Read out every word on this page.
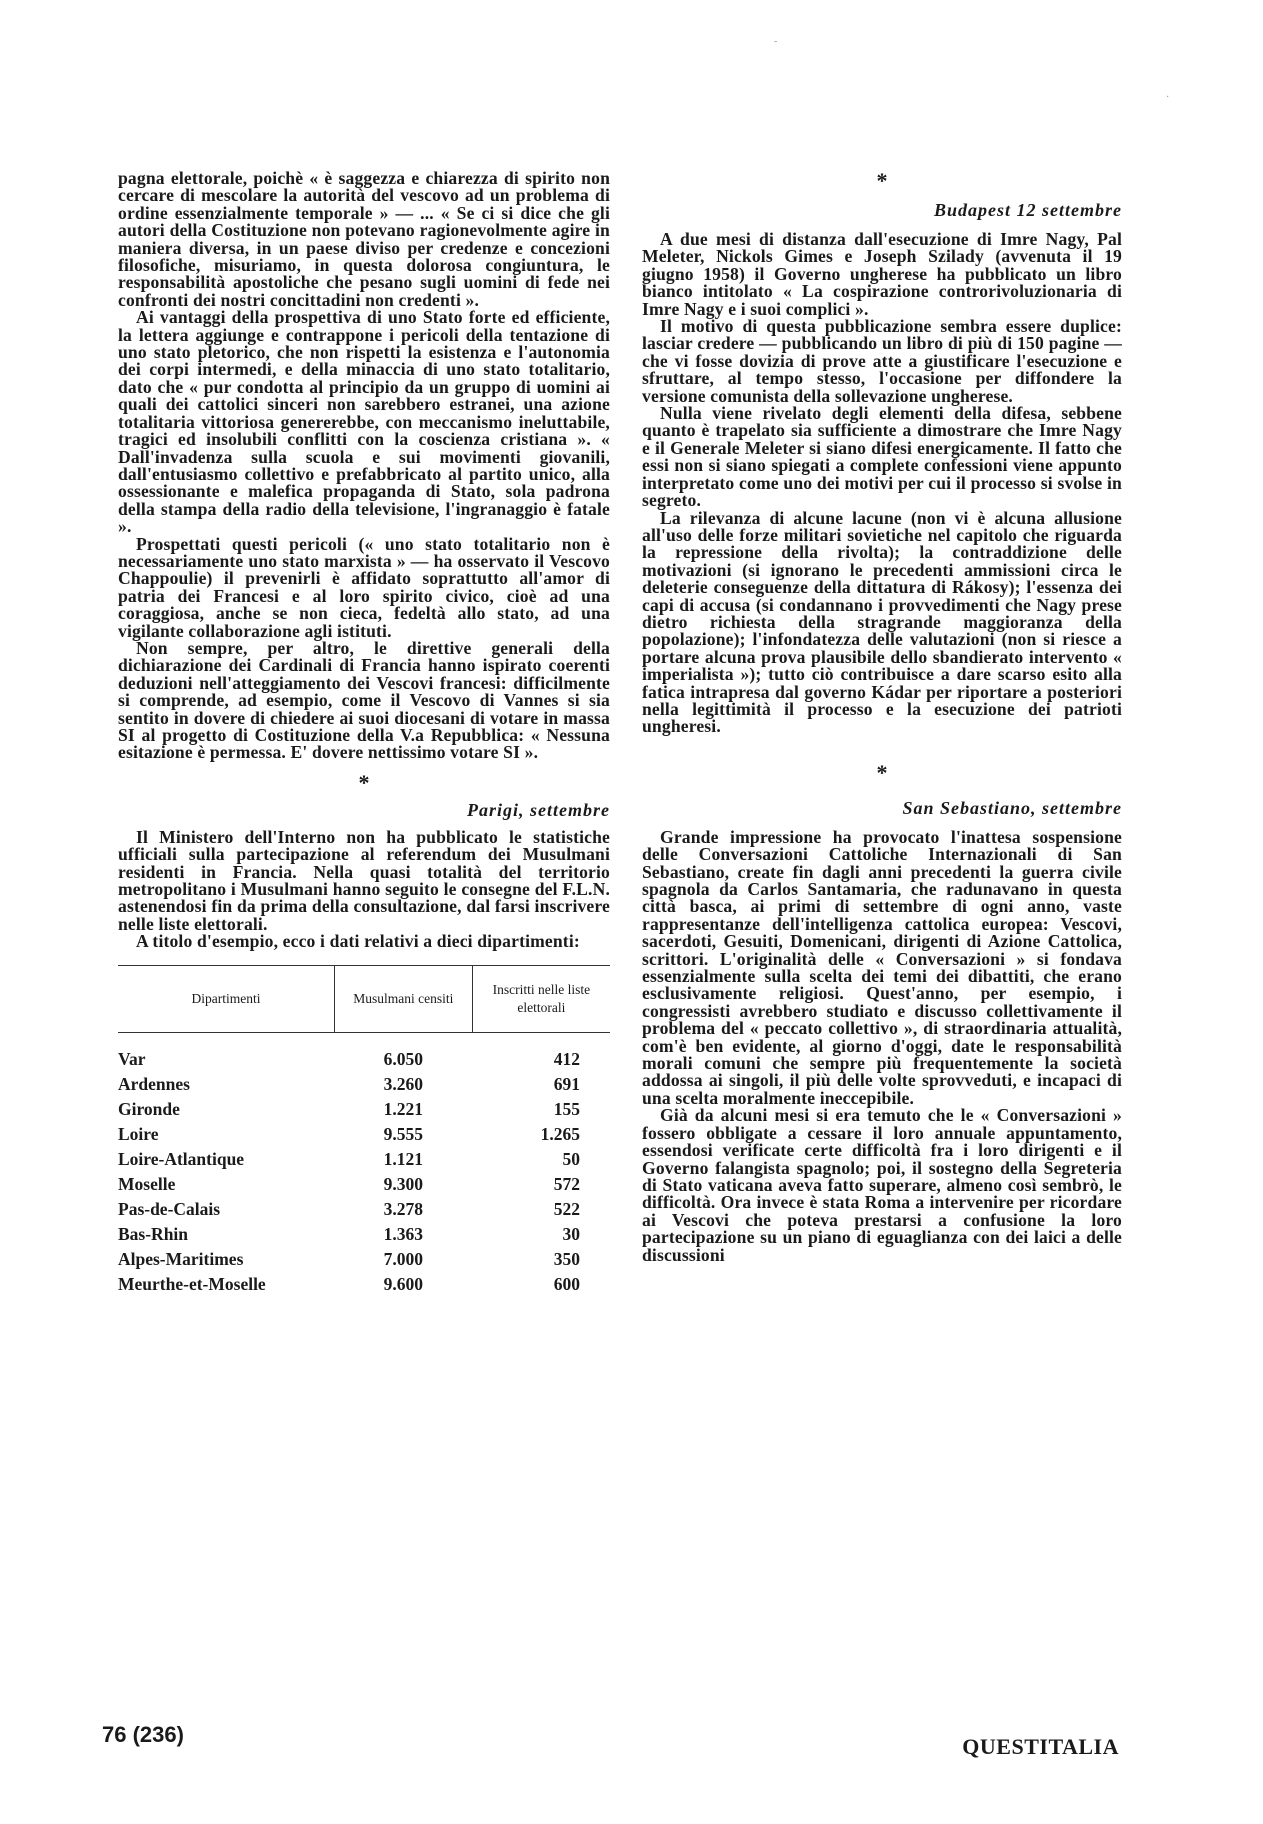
-
·

pagna elettorale, poichè « è saggezza e chiarezza di spirito non cercare di mescolare la autorità del vescovo ad un problema di ordine essenzialmente temporale » — ... « Se ci si dice che gli autori della Costituzione non potevano ragionevolmente agire in maniera diversa, in un paese diviso per credenze e concezioni filosofiche, misuriamo, in questa dolorosa congiuntura, le responsabilità apostoliche che pesano sugli uomini di fede nei confronti dei nostri concittadini non credenti ».

Ai vantaggi della prospettiva di uno Stato forte ed efficiente, la lettera aggiunge e contrappone i pericoli della tentazione di uno stato pletorico, che non rispetti la esistenza e l'autonomia dei corpi intermedi, e della minaccia di uno stato totalitario, dato che « pur condotta al principio da un gruppo di uomini ai quali dei cattolici sinceri non sarebbero estranei, una azione totalitaria vittoriosa genererebbe, con meccanismo ineluttabile, tragici ed insolubili conflitti con la coscienza cristiana ». « Dall'invadenza sulla scuola e sui movimenti giovanili, dall'entusiasmo collettivo e prefabbricato al partito unico, alla ossessionante e malefica propaganda di Stato, sola padrona della stampa della radio della televisione, l'ingranaggio è fatale ».

Prospettati questi pericoli (« uno stato totalitario non è necessariamente uno stato marxista » — ha osservato il Vescovo Chappoulie) il prevenirli è affidato soprattutto all'amor di patria dei Francesi e al loro spirito civico, cioè ad una coraggiosa, anche se non cieca, fedeltà allo stato, ad una vigilante collaborazione agli istituti.

Non sempre, per altro, le direttive generali della dichiarazione dei Cardinali di Francia hanno ispirato coerenti deduzioni nell'atteggiamento dei Vescovi francesi: difficilmente si comprende, ad esempio, come il Vescovo di Vannes si sia sentito in dovere di chiedere ai suoi diocesani di votare in massa SI al progetto di Costituzione della V.a Repubblica: « Nessuna esitazione è permessa. E' dovere nettissimo votare SI ».

*
Parigi, settembre

Il Ministero dell'Interno non ha pubblicato le statistiche ufficiali sulla partecipazione al referendum dei Musulmani residenti in Francia. Nella quasi totalità del territorio metropolitano i Musulmani hanno seguito le consegne del F.L.N. astenendosi fin da prima della consultazione, dal farsi inscrivere nelle liste elettorali.

A titolo d'esempio, ecco i dati relativi a dieci dipartimenti:

Dipartimenti	Musulmani censiti	Inscritti nelle liste elettorali

Var	6.050	412
Ardennes	3.260	691
Gironde	1.221	155
Loire	9.555	1.265
Loire-Atlantique	1.121	50
Moselle	9.300	572
Pas-de-Calais	3.278	522
Bas-Rhin	1.363	30
Alpes-Maritimes	7.000	350
Meurthe-et-Moselle	9.600	600
*
Budapest 12 settembre

A due mesi di distanza dall'esecuzione di Imre Nagy, Pal Meleter, Nickols Gimes e Joseph Szilady (avvenuta il 19 giugno 1958) il Governo ungherese ha pubblicato un libro bianco intitolato « La cospirazione controrivoluzionaria di Imre Nagy e i suoi complici ».

Il motivo di questa pubblicazione sembra essere duplice: lasciar credere — pubblicando un libro di più di 150 pagine — che vi fosse dovizia di prove atte a giustificare l'esecuzione e sfruttare, al tempo stesso, l'occasione per diffondere la versione comunista della sollevazione ungherese.

Nulla viene rivelato degli elementi della difesa, sebbene quanto è trapelato sia sufficiente a dimostrare che Imre Nagy e il Generale Meleter si siano difesi energicamente. Il fatto che essi non si siano spiegati a complete confessioni viene appunto interpretato come uno dei motivi per cui il processo si svolse in segreto.

La rilevanza di alcune lacune (non vi è alcuna allusione all'uso delle forze militari sovietiche nel capitolo che riguarda la repressione della rivolta); la contraddizione delle motivazioni (si ignorano le precedenti ammissioni circa le deleterie conseguenze della dittatura di Rákosy); l'essenza dei capi di accusa (si condannano i provvedimenti che Nagy prese dietro richiesta della stragrande maggioranza della popolazione); l'infondatezza delle valutazioni (non si riesce a portare alcuna prova plausibile dello sbandierato intervento « imperialista »); tutto ciò contribuisce a dare scarso esito alla fatica intrapresa dal governo Kádar per riportare a posteriori nella legittimità il processo e la esecuzione dei patrioti ungheresi.

*
San Sebastiano, settembre

Grande impressione ha provocato l'inattesa sospensione delle Conversazioni Cattoliche Internazionali di San Sebastiano, create fin dagli anni precedenti la guerra civile spagnola da Carlos Santamaria, che radunavano in questa città basca, ai primi di settembre di ogni anno, vaste rappresentanze dell'intelligenza cattolica europea: Vescovi, sacerdoti, Gesuiti, Domenicani, dirigenti di Azione Cattolica, scrittori. L'originalità delle « Conversazioni » si fondava essenzialmente sulla scelta dei temi dei dibattiti, che erano esclusivamente religiosi. Quest'anno, per esempio, i congressisti avrebbero studiato e discusso collettivamente il problema del « peccato collettivo », di straordinaria attualità, com'è ben evidente, al giorno d'oggi, date le responsabilità morali comuni che sempre più frequentemente la società addossa ai singoli, il più delle volte sprovveduti, e incapaci di una scelta moralmente ineccepibile.

Già da alcuni mesi si era temuto che le « Conversazioni » fossero obbligate a cessare il loro annuale appuntamento, essendosi verificate certe difficoltà fra i loro dirigenti e il Governo falangista spagnolo; poi, il sostegno della Segreteria di Stato vaticana aveva fatto superare, almeno così sembrò, le difficoltà. Ora invece è stata Roma a intervenire per ricordare ai Vescovi che poteva prestarsi a confusione la loro partecipazione su un piano di eguaglianza con dei laici a delle discussioni

76 (236)	QUESTITALIA
